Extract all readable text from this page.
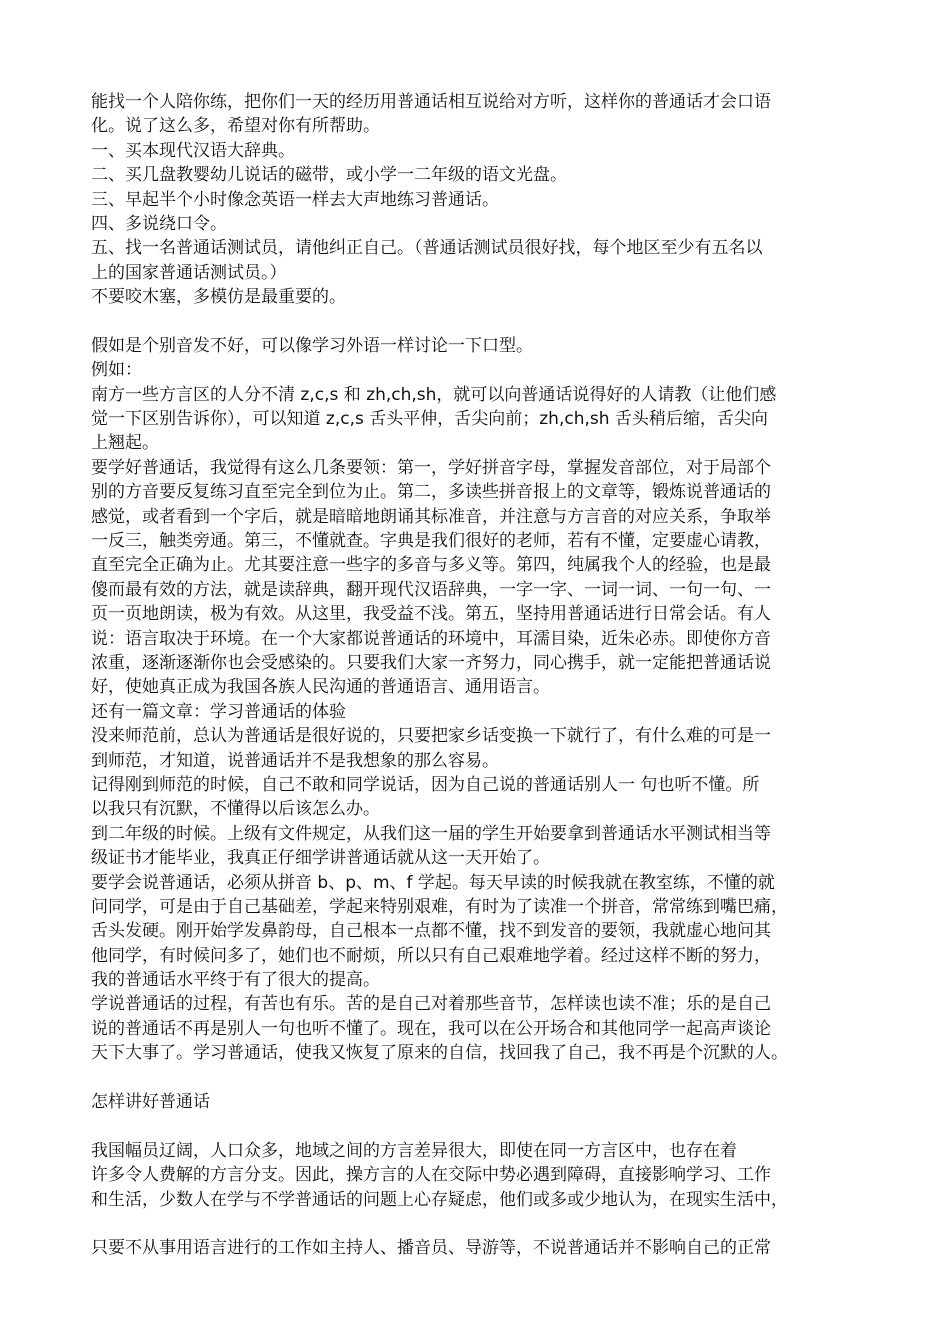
能找一个人陪你练，把你们一天的经历用普通话相互说给对方听，这样你的普通话才会口语
化。说了这么多，希望对你有所帮助。
一、买本现代汉语大辞典。
二、买几盘教婴幼儿说话的磁带，或小学一二年级的语文光盘。
三、早起半个小时像念英语一样去大声地练习普通话。
四、多说绕口令。
五、找一名普通话测试员，请他纠正自己。（普通话测试员很好找，每个地区至少有五名以
上的国家普通话测试员。）
不要咬木塞，多模仿是最重要的。
假如是个别音发不好，可以像学习外语一样讨论一下口型。
例如：
南方一些方言区的人分不清 z,c,s 和 zh,ch,sh，就可以向普通话说得好的人请教（让他们感
觉一下区别告诉你），可以知道 z,c,s 舌头平伸，舌尖向前；zh,ch,sh 舌头稍后缩，舌尖向
上翘起。
要学好普通话，我觉得有这么几条要领：第一，学好拼音字母，掌握发音部位，对于局部个
别的方音要反复练习直至完全到位为止。第二，多读些拼音报上的文章等，锻炼说普通话的
感觉，或者看到一个字后，就是暗暗地朗诵其标准音，并注意与方言音的对应关系，争取举
一反三，触类旁通。第三，不懂就查。字典是我们很好的老师，若有不懂，定要虚心请教，
直至完全正确为止。尤其要注意一些字的多音与多义等。第四，纯属我个人的经验，也是最
傻而最有效的方法，就是读辞典，翻开现代汉语辞典，一字一字、一词一词、一句一句、一
页一页地朗读，极为有效。从这里，我受益不浅。第五，坚持用普通话进行日常会话。有人
说：语言取决于环境。在一个大家都说普通话的环境中，耳濡目染，近朱必赤。即使你方音
浓重，逐渐逐渐你也会受感染的。只要我们大家一齐努力，同心携手，就一定能把普通话说
好，使她真正成为我国各族人民沟通的普通语言、通用语言。
还有一篇文章：学习普通话的体验
没来师范前，总认为普通话是很好说的，只要把家乡话变换一下就行了，有什么难的可是一
到师范，才知道，说普通话并不是我想象的那么容易。
记得刚到师范的时候，自己不敢和同学说话，因为自己说的普通话别人一 句也听不懂。所
以我只有沉默，不懂得以后该怎么办。
到二年级的时候。上级有文件规定，从我们这一届的学生开始要拿到普通话水平测试相当等
级证书才能毕业，我真正仔细学讲普通话就从这一天开始了。
要学会说普通话，必须从拼音 b、p、m、f 学起。每天早读的时候我就在教室练，不懂的就
问同学，可是由于自己基础差，学起来特别艰难，有时为了读准一个拼音，常常练到嘴巴痛，
舌头发硬。刚开始学发鼻韵母，自己根本一点都不懂，找不到发音的要领，我就虚心地问其
他同学，有时候问多了，她们也不耐烦，所以只有自己艰难地学着。经过这样不断的努力，
我的普通话水平终于有了很大的提高。
学说普通话的过程，有苦也有乐。苦的是自己对着那些音节，怎样读也读不准；乐的是自己
说的普通话不再是别人一句也听不懂了。现在，我可以在公开场合和其他同学一起高声谈论
天下大事了。学习普通话，使我又恢复了原来的自信，找回我了自己，我不再是个沉默的人。
怎样讲好普通话
我国幅员辽阔，人口众多，地域之间的方言差异很大，即使在同一方言区中，也存在着
许多令人费解的方言分支。因此，操方言的人在交际中势必遇到障碍，直接影响学习、工作
和生活，少数人在学与不学普通话的问题上心存疑虑，他们或多或少地认为，在现实生活中，
只要不从事用语言进行的工作如主持人、播音员、导游等，不说普通话并不影响自己的正常
